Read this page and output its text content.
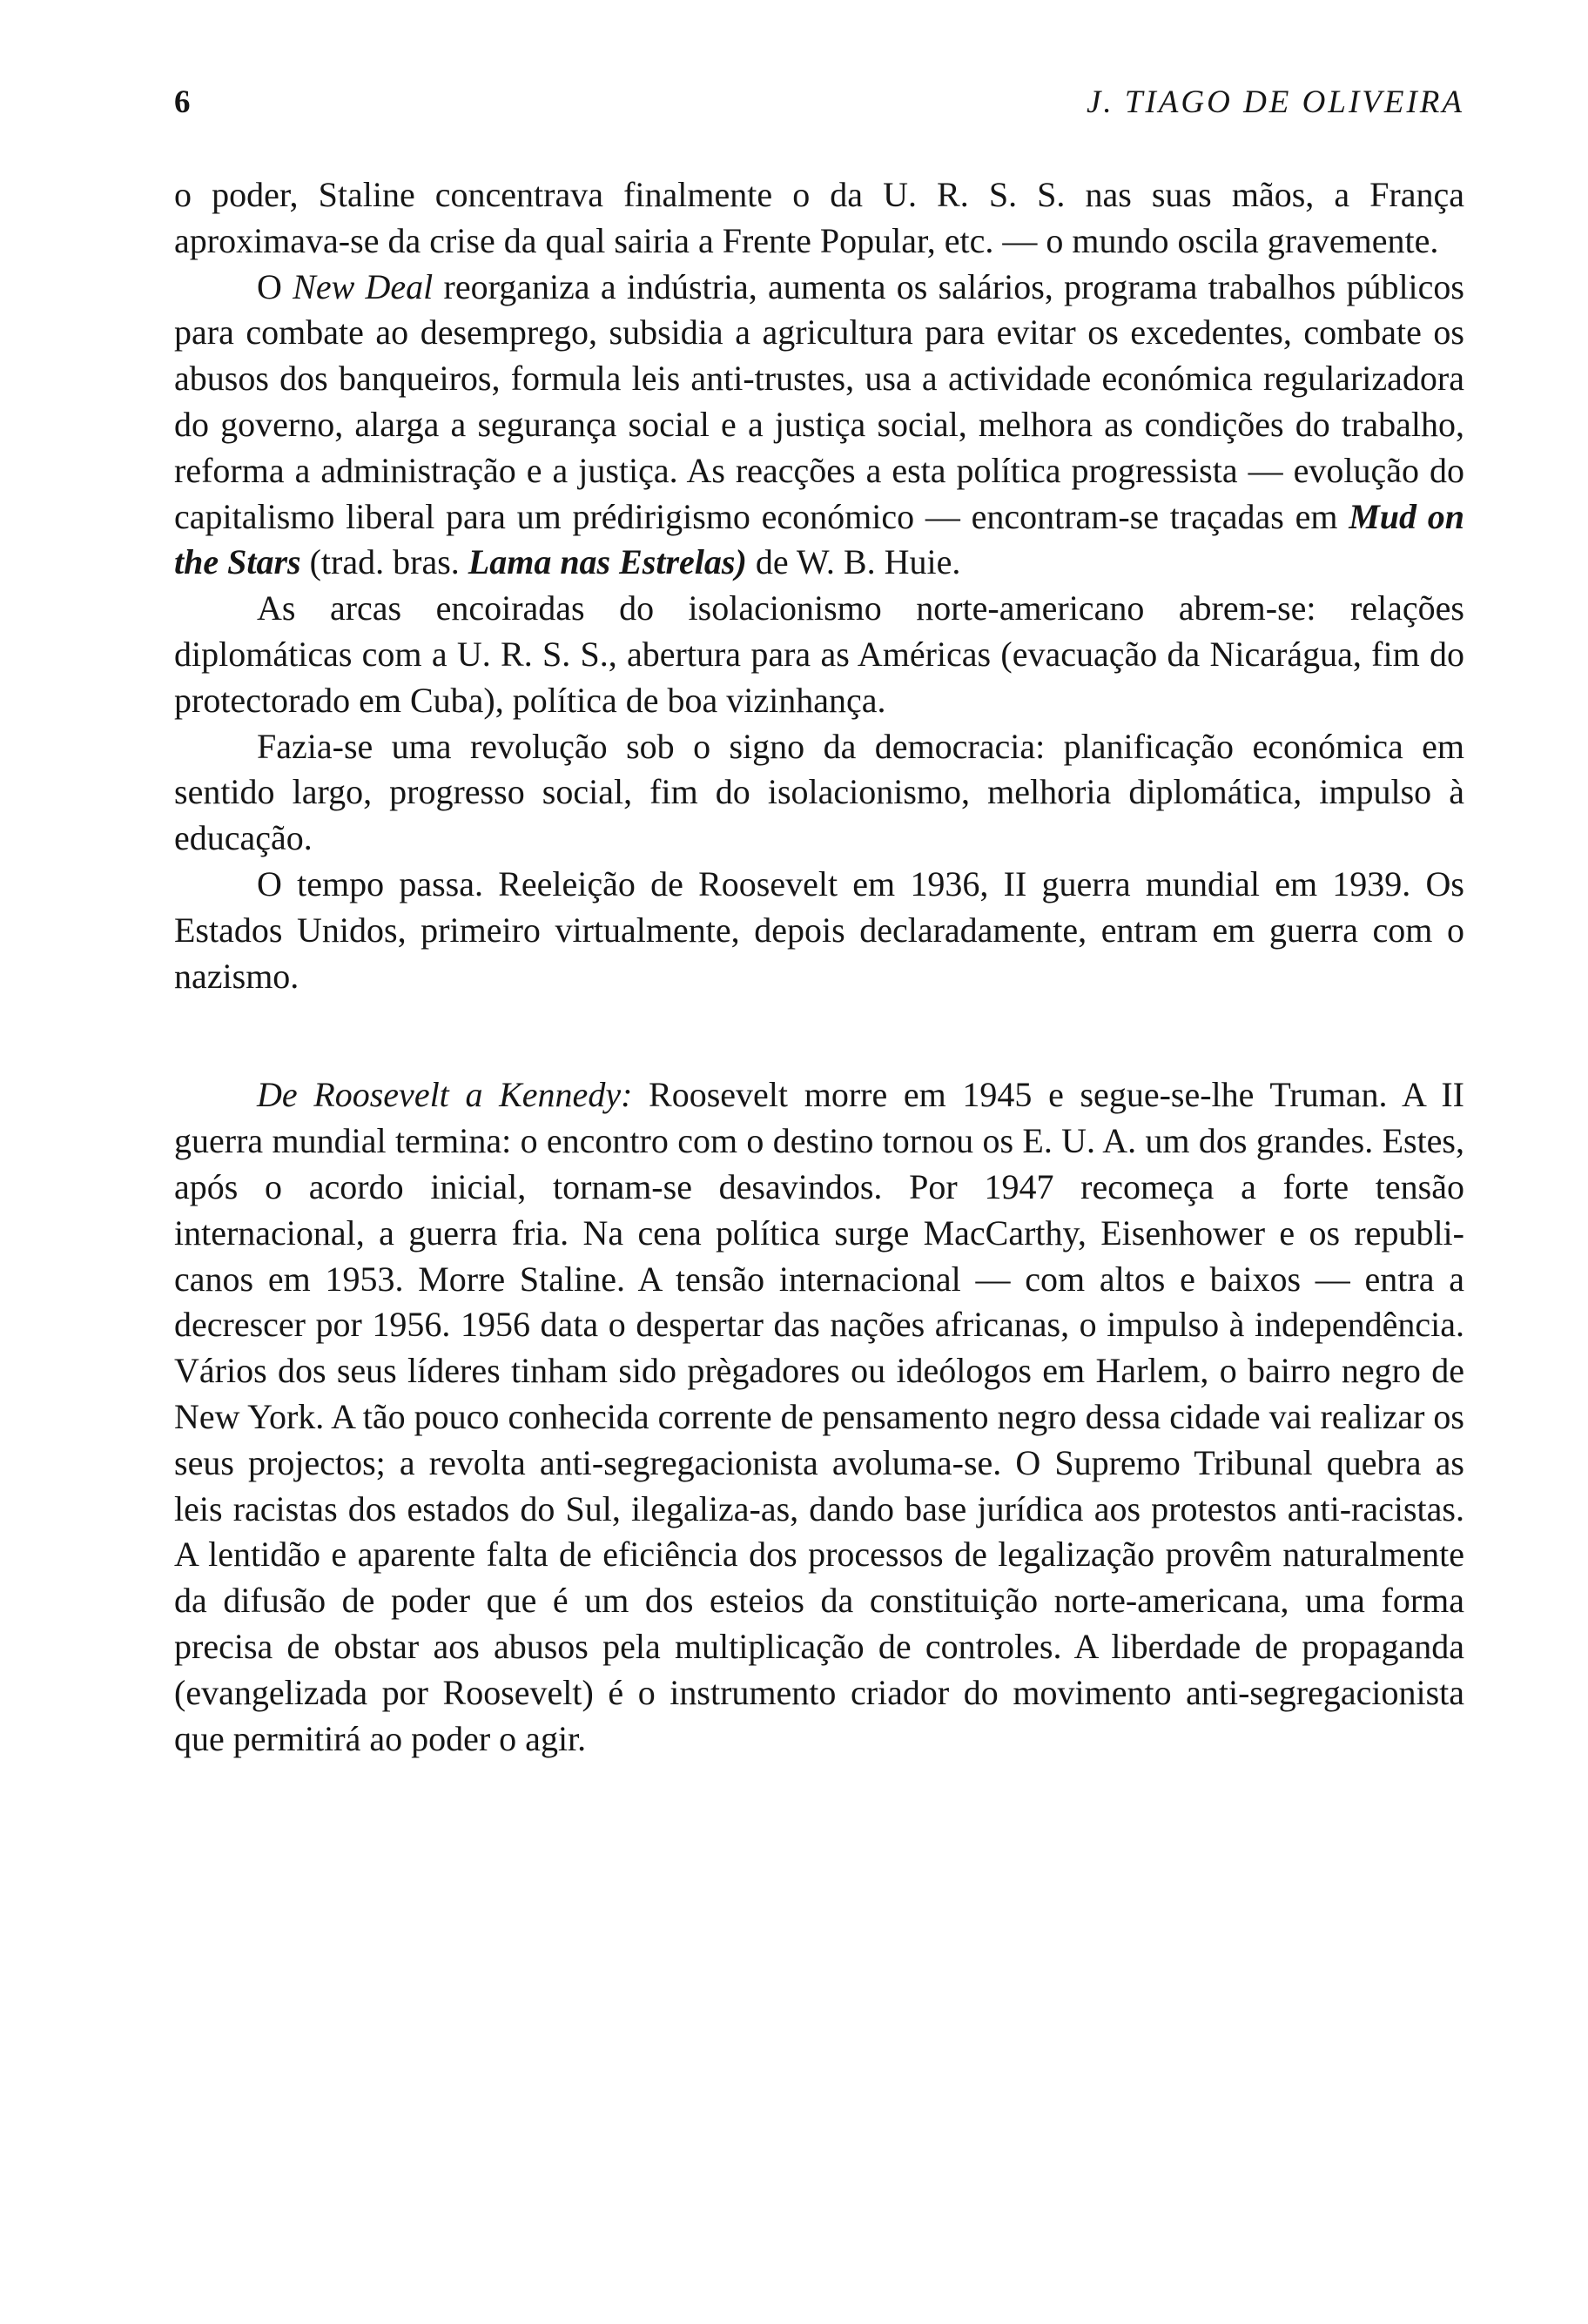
6	J. TIAGO DE OLIVEIRA

o poder, Staline concentrava finalmente o da U. R. S. S. nas suas mãos, a França aproximava-se da crise da qual sairia a Frente Popular, etc. — o mundo oscila gravemente.

O New Deal reorganiza a indústria, aumenta os salários, programa trabalhos públicos para combate ao desemprego, subsidia a agricultura para evitar os excedentes, combate os abusos dos banqueiros, formula leis anti-trustes, usa a actividade económica regularizadora do governo, alarga a segurança social e a justiça social, melhora as condições do trabalho, reforma a administração e a justiça. As reacções a esta política progressista — evolução do capitalismo liberal para um prédirigismo económico — encontram-se traçadas em Mud on the Stars (trad. bras. Lama nas Estrelas) de W. B. Huie.

As arcas encoiradas do isolacionismo norte-americano abrem-se: relações diplomáticas com a U. R. S. S., abertura para as Américas (evacuação da Nicarágua, fim do protectorado em Cuba), política de boa vizinhança.

Fazia-se uma revolução sob o signo da democracia: planificação económica em sentido largo, progresso social, fim do isolacionismo, melhoria diplomática, impulso à educação.

O tempo passa. Reeleição de Roosevelt em 1936, II guerra mundial em 1939. Os Estados Unidos, primeiro virtualmente, depois declaradamente, entram em guerra com o nazismo.

De Roosevelt a Kennedy: Roosevelt morre em 1945 e segue-se-lhe Truman. A II guerra mundial termina: o encontro com o destino tornou os E. U. A. um dos grandes. Estes, após o acordo inicial, tornam-se desavindos. Por 1947 recomeça a forte tensão internacional, a guerra fria. Na cena política surge MacCarthy, Eisenhower e os republicanos em 1953. Morre Staline. A tensão internacional — com altos e baixos — entra a decrescer por 1956. 1956 data o despertar das nações africanas, o impulso à independência. Vários dos seus líderes tinham sido prègadores ou ideólogos em Harlem, o bairro negro de New York. A tão pouco conhecida corrente de pensamento negro dessa cidade vai realizar os seus projectos; a revolta anti-segregacionista avoluma-se. O Supremo Tribunal quebra as leis racistas dos estados do Sul, ilegaliza-as, dando base jurídica aos protestos anti-racistas. A lentidão e aparente falta de eficiência dos processos de legalização provêm naturalmente da difusão de poder que é um dos esteios da constituição norte-americana, uma forma precisa de obstar aos abusos pela multiplicação de controles. A liberdade de propaganda (evangelizada por Roosevelt) é o instrumento criador do movimento anti-segregacionista que permitirá ao poder o agir.
